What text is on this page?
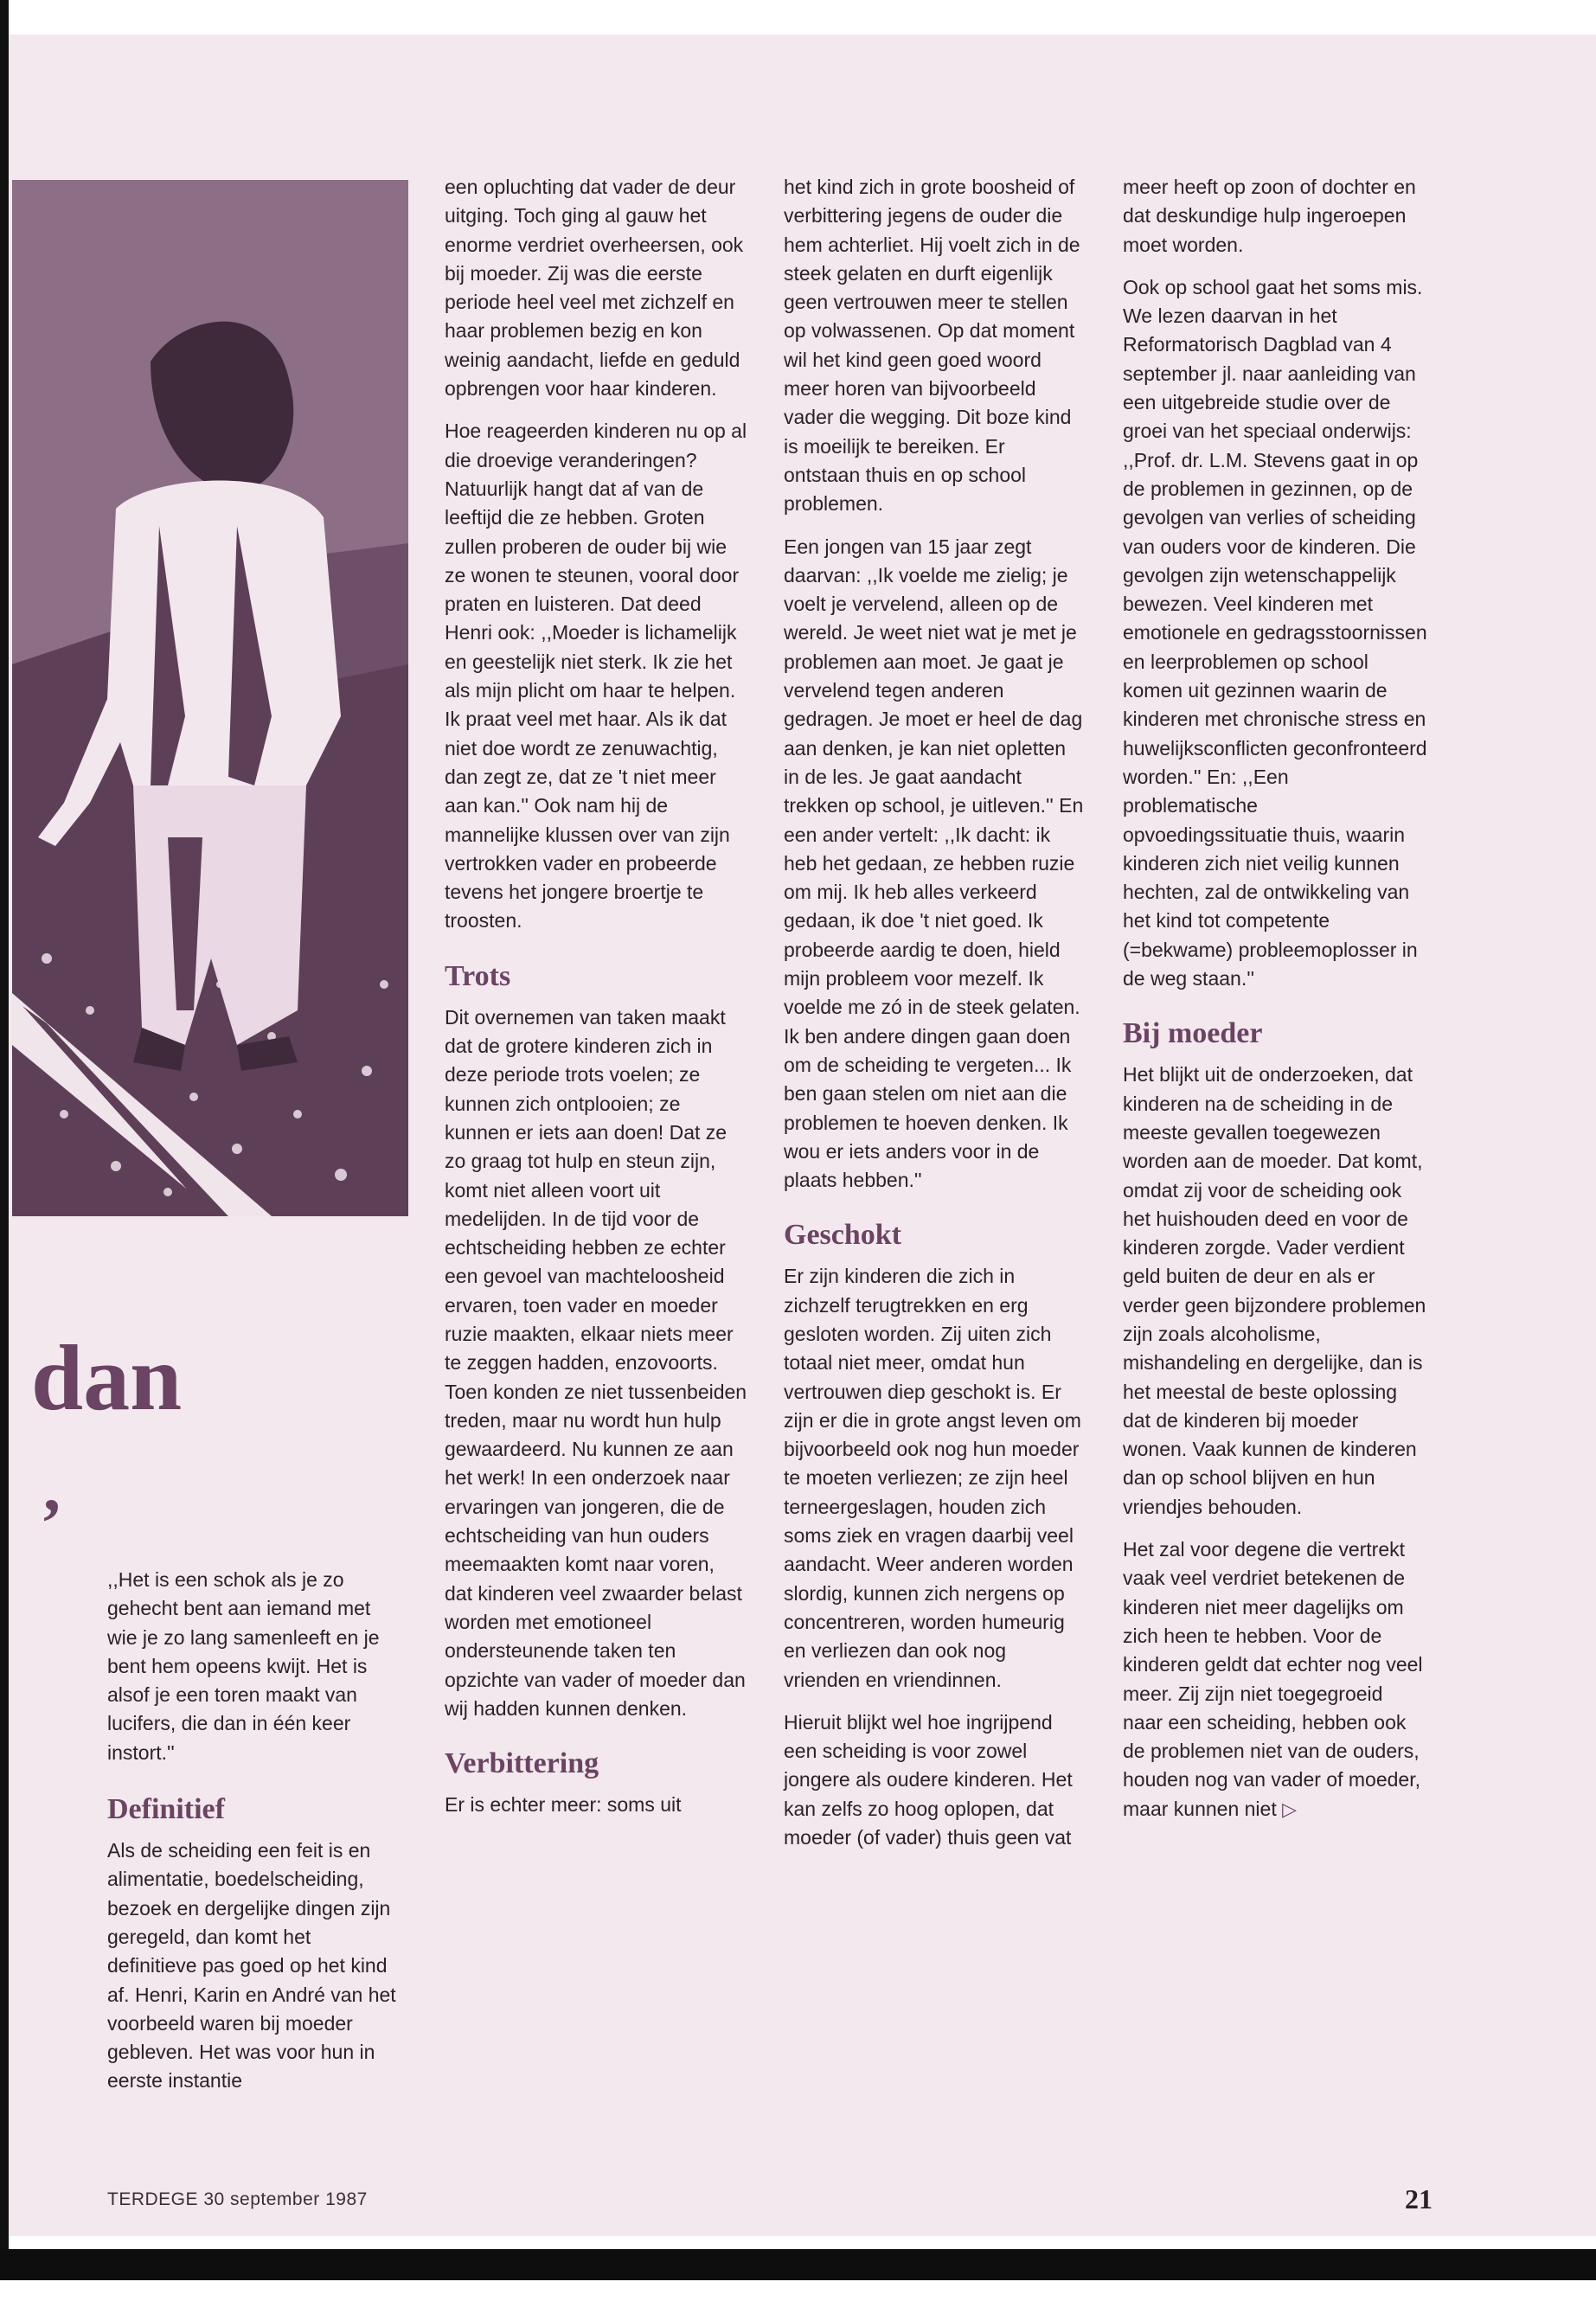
dan
,

,,Het is een schok als je zo gehecht bent aan iemand met wie je zo lang samenleeft en je bent hem opeens kwijt. Het is alsof je een toren maakt van lucifers, die dan in één keer instort.''

Definitief

Als de scheiding een feit is en alimentatie, boedelscheiding, bezoek en dergelijke dingen zijn geregeld, dan komt het definitieve pas goed op het kind af. Henri, Karin en André van het voorbeeld waren bij moeder gebleven. Het was voor hun in eerste instantie

een opluchting dat vader de deur uitging. Toch ging al gauw het enorme verdriet overheersen, ook bij moeder. Zij was die eerste periode heel veel met zichzelf en haar problemen bezig en kon weinig aandacht, liefde en geduld opbrengen voor haar kinderen.

Hoe reageerden kinderen nu op al die droevige veranderingen? Natuurlijk hangt dat af van de leeftijd die ze hebben. Groten zullen proberen de ouder bij wie ze wonen te steunen, vooral door praten en luisteren. Dat deed Henri ook: ,,Moeder is lichamelijk en geestelijk niet sterk. Ik zie het als mijn plicht om haar te helpen. Ik praat veel met haar. Als ik dat niet doe wordt ze zenuwachtig, dan zegt ze, dat ze 't niet meer aan kan.'' Ook nam hij de mannelijke klussen over van zijn vertrokken vader en probeerde tevens het jongere broertje te troosten.

Trots

Dit overnemen van taken maakt dat de grotere kinderen zich in deze periode trots voelen; ze kunnen zich ontplooien; ze kunnen er iets aan doen! Dat ze zo graag tot hulp en steun zijn, komt niet alleen voort uit medelijden. In de tijd voor de echtscheiding hebben ze echter een gevoel van machteloosheid ervaren, toen vader en moeder ruzie maakten, elkaar niets meer te zeggen hadden, enzovoorts. Toen konden ze niet tussenbeiden treden, maar nu wordt hun hulp gewaardeerd. Nu kunnen ze aan het werk! In een onderzoek naar ervaringen van jongeren, die de echtscheiding van hun ouders meemaakten komt naar voren, dat kinderen veel zwaarder belast worden met emotioneel ondersteunende taken ten opzichte van vader of moeder dan wij hadden kunnen denken.

Verbittering

Er is echter meer: soms uit

het kind zich in grote boosheid of verbittering jegens de ouder die hem achterliet. Hij voelt zich in de steek gelaten en durft eigenlijk geen vertrouwen meer te stellen op volwassenen. Op dat moment wil het kind geen goed woord meer horen van bijvoorbeeld vader die wegging. Dit boze kind is moeilijk te bereiken. Er ontstaan thuis en op school problemen.

Een jongen van 15 jaar zegt daarvan: ,,Ik voelde me zielig; je voelt je vervelend, alleen op de wereld. Je weet niet wat je met je problemen aan moet. Je gaat je vervelend tegen anderen gedragen. Je moet er heel de dag aan denken, je kan niet opletten in de les. Je gaat aandacht trekken op school, je uitleven.'' En een ander vertelt: ,,Ik dacht: ik heb het gedaan, ze hebben ruzie om mij. Ik heb alles verkeerd gedaan, ik doe 't niet goed. Ik probeerde aardig te doen, hield mijn probleem voor mezelf. Ik voelde me zó in de steek gelaten. Ik ben andere dingen gaan doen om de scheiding te vergeten... Ik ben gaan stelen om niet aan die problemen te hoeven denken. Ik wou er iets anders voor in de plaats hebben.''

Geschokt

Er zijn kinderen die zich in zichzelf terugtrekken en erg gesloten worden. Zij uiten zich totaal niet meer, omdat hun vertrouwen diep geschokt is. Er zijn er die in grote angst leven om bijvoorbeeld ook nog hun moeder te moeten verliezen; ze zijn heel terneergeslagen, houden zich soms ziek en vragen daarbij veel aandacht. Weer anderen worden slordig, kunnen zich nergens op concentreren, worden humeurig en verliezen dan ook nog vrienden en vriendinnen.

Hieruit blijkt wel hoe ingrijpend een scheiding is voor zowel jongere als oudere kinderen. Het kan zelfs zo hoog oplopen, dat moeder (of vader) thuis geen vat

meer heeft op zoon of dochter en dat deskundige hulp ingeroepen moet worden.

Ook op school gaat het soms mis. We lezen daarvan in het Reformatorisch Dagblad van 4 september jl. naar aanleiding van een uitgebreide studie over de groei van het speciaal onderwijs: ,,Prof. dr. L.M. Stevens gaat in op de problemen in gezinnen, op de gevolgen van verlies of scheiding van ouders voor de kinderen. Die gevolgen zijn wetenschappelijk bewezen. Veel kinderen met emotionele en gedragsstoornissen en leerproblemen op school komen uit gezinnen waarin de kinderen met chronische stress en huwelijksconflicten geconfronteerd worden.'' En: ,,Een problematische opvoedingssituatie thuis, waarin kinderen zich niet veilig kunnen hechten, zal de ontwikkeling van het kind tot competente (=bekwame) probleemoplosser in de weg staan.''

Bij moeder

Het blijkt uit de onderzoeken, dat kinderen na de scheiding in de meeste gevallen toegewezen worden aan de moeder. Dat komt, omdat zij voor de scheiding ook het huishouden deed en voor de kinderen zorgde. Vader verdient geld buiten de deur en als er verder geen bijzondere problemen zijn zoals alcoholisme, mishandeling en dergelijke, dan is het meestal de beste oplossing dat de kinderen bij moeder wonen. Vaak kunnen de kinderen dan op school blijven en hun vriendjes behouden.

Het zal voor degene die vertrekt vaak veel verdriet betekenen de kinderen niet meer dagelijks om zich heen te hebben. Voor de kinderen geldt dat echter nog veel meer. Zij zijn niet toegegroeid naar een scheiding, hebben ook de problemen niet van de ouders, houden nog van vader of moeder, maar kunnen niet ▷

TERDEGE 30 september 1987	21
